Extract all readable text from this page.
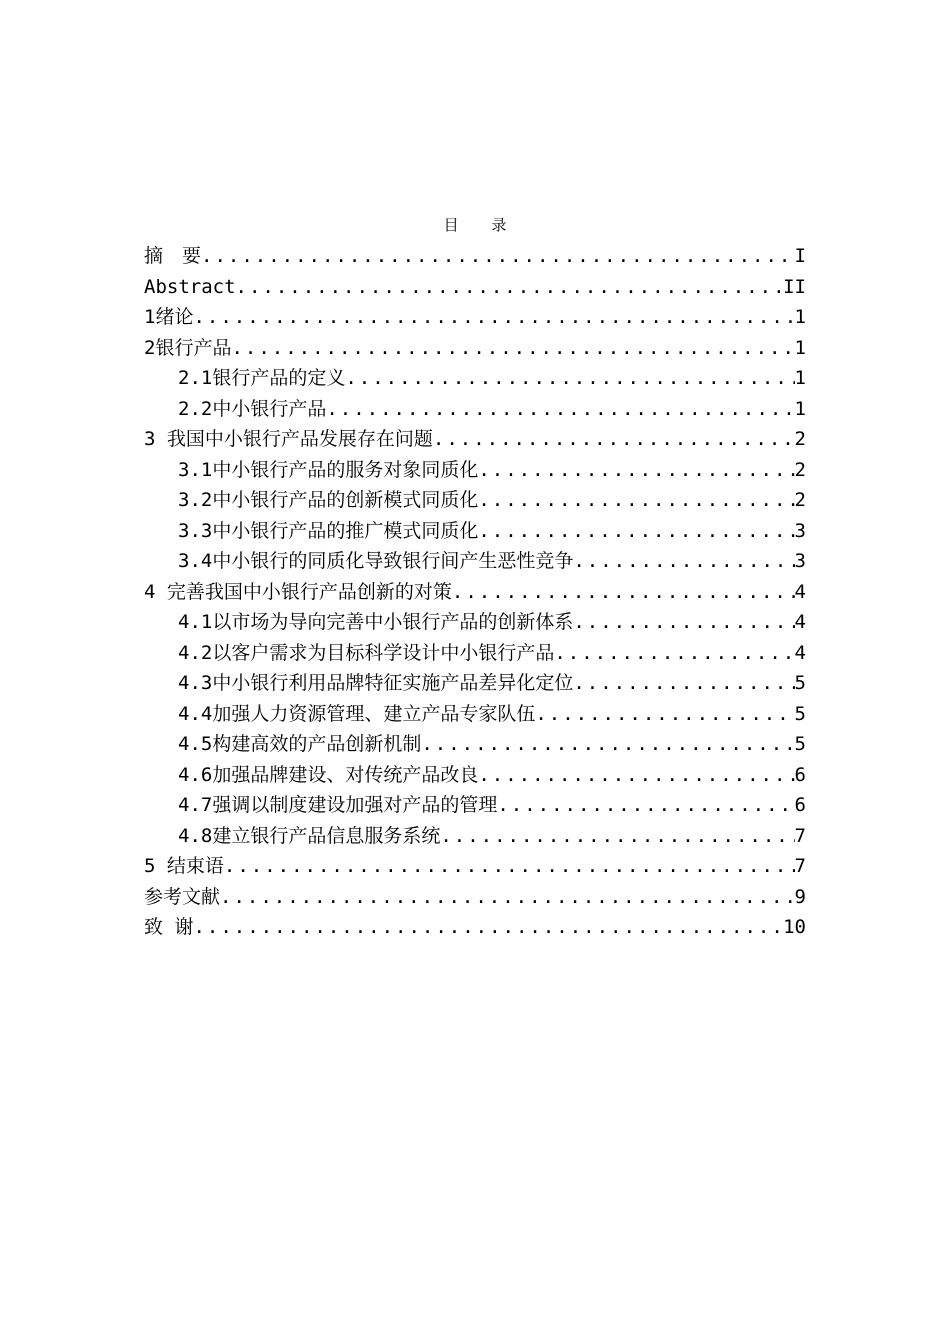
目 录
摘　要 .....	I
Abstract .....	II
1绪论 .....	1
2银行产品 .....	1
2.1银行产品的定义 .....	1
2.2中小银行产品 .....	1
3 我国中小银行产品发展存在问题 .....	2
3.1中小银行产品的服务对象同质化 .....	2
3.2中小银行产品的创新模式同质化 .....	2
3.3中小银行产品的推广模式同质化 .....	3
3.4中小银行的同质化导致银行间产生恶性竞争 .....	3
4 完善我国中小银行产品创新的对策 .....	4
4.1以市场为导向完善中小银行产品的创新体系 .....	4
4.2以客户需求为目标科学设计中小银行产品 .....	4
4.3中小银行利用品牌特征实施产品差异化定位 .....	5
4.4加强人力资源管理、建立产品专家队伍 .....	5
4.5构建高效的产品创新机制 .....	5
4.6加强品牌建设、对传统产品改良 .....	6
4.7强调以制度建设加强对产品的管理 .....	6
4.8建立银行产品信息服务系统 .....	7
5 结束语 .....	7
参考文献 .....	9
致 谢 .....	10
